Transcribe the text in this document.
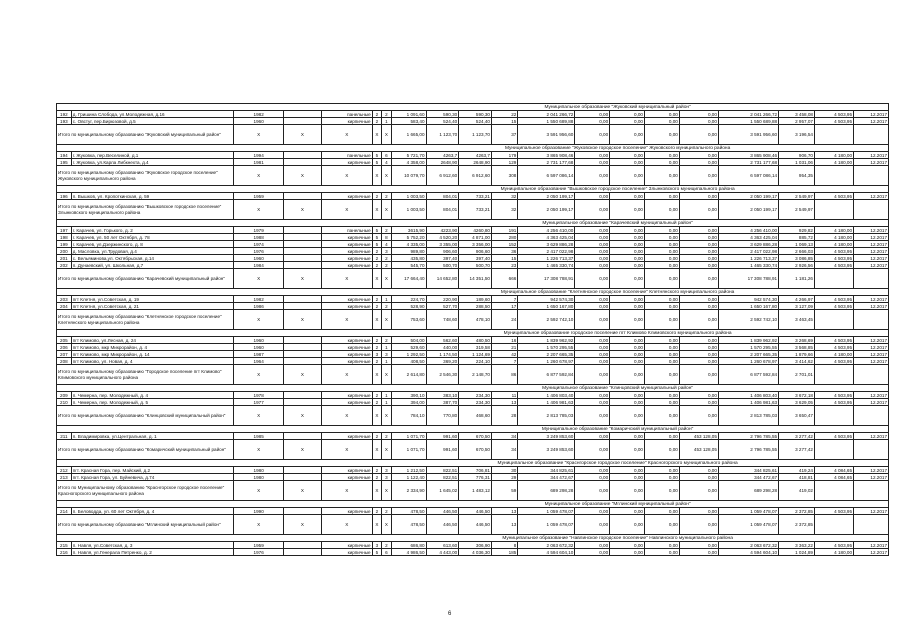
						Муниципальное образование "Жуковский муниципальный район"													
192	д. Гришина Слобода, ул.Молодежная, д.16	1982		панельные	2	2	1 091,60	590,30	590,30	22	2 041 266,72	0,00	0,00	0,00	0,00	2 041 266,72	3 458,08	4 503,95	12.2017
193	с. Овстуг, пер.Бирюзовой, д.5	1960		кирпичные	2	1	583,40	524,40	524,40	15	1 550 689,88	0,00	0,00	0,00	0,00	1 550 689,88	2 957,07	4 503,95	12.2017
Итого по муниципальному образованию "Жуковский муниципальный район"		X	X	X	X	X	1 665,00	1 123,70	1 123,70	37	3 591 956,60	0,00	0,00	0,00	0,00	3 591 956,60	3 196,54		
						Муниципальное образование "Жуковское городское поселение" Жуковского муниципального района													
194	г. Жуковка, пер.Веселиной, д.1	1994		панельные	5	6	5 721,70	4263,7	4263,7	179	3 865 908,46	0,00	0,00	0,00	0,00	3 865 908,46	906,70	4 180,00	12.2017
195	г. Жуковка, ул.Карла Либкнехта, д.4	1981		кирпичные	5	4	4 358,00	2648,90	2648,90	129	2 731 177,68	0,00	0,00	0,00	0,00	2 731 177,68	1 031,06	4 180,00	12.2017
Итого по муниципальному образованию "Жуковское городское поселение" Жуковского муниципального района		X	X	X	X	X	10 079,70	6 912,60	6 912,60	308	6 597 086,14	0,00	0,00	0,00	0,00	6 597 086,14	954,35		
						Муниципальное образование "Вышковское городское поселение" Злынковского муниципального района													
196	п. Вышков, ул. Кропоткинская, д. 59	1959		кирпичные	2	2	1 003,50	804,01	733,21	32	2 050 199,17	0,00	0,00	0,00	0,00	2 050 199,17	2 549,97	4 503,95	12.2017
Итого по муниципальному образованию "Вышковское городское поселение" Злынковского муниципального района		X	X	X	X	X	1 003,50	804,01	733,21	32	2 050 199,17	0,00	0,00	0,00	0,00	2 050 199,17	2 549,97		
						Муниципальное образование "Карачевский муниципальный район"													
197	г. Карачев, ул. Горького, д. 2	1979		панельные	5	2	3615,90	4223,90	4260,80	191	4 256 410,00	0,00	0,00	0,00	0,00	4 256 410,00	929,82	4 180,00	12.2017
198	г. Карачев, ул. 50 лет Октября, д. 78	1988		кирпичные	5	8	5 752,20	4 520,20	4 871,00	280	4 363 425,04	0,00	0,00	0,00	0,00	4 363 425,04	885,72	4 180,00	12.2017
199	г. Карачев, ул.Дзержинского, д. 8	1974		кирпичные	5	4	4 335,00	3 355,00	3 356,00	152	3 629 886,28	0,00	0,00	0,00	0,00	3 629 886,28	1 069,13	4 180,00	12.2017
200	д. Масловка, ул.Трудовая, д.4	1976		кирпичные	2	3	989,80	906,60	906,60	36	2 417 022,98	0,00	0,00	0,00	0,00	2 417 022,98	2 666,03	4 503,95	12.2017
201	с. Вельяминова,ул. Октябрьская, д.14	1960		кирпичные	2	2	435,80	397,40	397,40	15	1 226 713,37	0,00	0,00	0,00	0,00	1 226 713,37	3 086,85	4 503,95	12.2017
202	п. Дунаевский, ул. Школьная, д.7	1984		кирпичные	2	2	545,70	500,70	500,70	23	1 465 330,74	0,00	0,00	0,00	0,00	1 465 330,74	2 926,56	4 503,95	12.2017
Итого по муниципальному образованию "Карачевский муниципальный район"		X	X	X	X	X	17 664,40	14 652,80	14 351,50	666	17 308 788,91	0,00	0,00	0,00	0,00	17 308 788,91	1 181,26		
						Муниципальное образование "Клетнянское городское поселение" Клетнянского муниципального района													
203	пгт Клетня, ул.Советская, д. 19	1982		кирпичные	2	1	224,70	220,90	189,60	7	942 574,30	0,00	0,00	0,00	0,00	942 574,30	4 266,97	4 503,95	12.2017
204	пгт Клетня, ул.Советская, д. 21	1986		кирпичные	2	2	528,90	527,70	288,50	17	1 650 167,80	0,00	0,00	0,00	0,00	1 650 167,80	3 127,09	4 503,95	12.2017
Итого по муниципальному образованию "Клетнянское городское поселение" Клетнянского муниципального района		X	X	X	X	X	753,60	748,60	478,10	24	2 592 742,10	0,00	0,00	0,00	0,00	2 592 742,10	3 463,45		
						Муниципальное образование городское поселение пгт Климово Климовского муниципального района													
205	пгт Климово, ул.Лесная, д. 24	1960		кирпичные	2	2	504,00	562,60	480,50	16	1 839 962,92	0,00	0,00	0,00	0,00	1 839 962,92	3 268,69	4 503,95	12.2017
206	пгт Климово, мкр Микрорайон, д. 4	1960		кирпичные	2	1	529,60	440,00	319,58	21	1 570 295,55	0,00	0,00	0,00	0,00	1 570 295,55	3 568,85	4 503,95	12.2017
207	пгт Климово, мкр Микрорайон, д. 14	1987		кирпичные	3	3	1 292,50	1 174,50	1 124,69	42	2 207 665,35	0,00	0,00	0,00	0,00	2 207 665,35	1 879,66	4 180,00	12.2017
208	пгт Климово, ул. Новая, д. 4	1964		кирпичные	2	1	408,50	369,20	224,10	7	1 260 678,97	0,00	0,00	0,00	0,00	1 260 678,97	3 414,62	4 503,95	12.2017
Итого по муниципальному образованию "Городское поселение пгт Климово" Климовского муниципального района		X	X	X	X	X	2 614,80	2 546,30	2 148,70	86	6 877 592,84	0,00	0,00	0,00	0,00	6 877 592,84	2 701,01		
						Муниципальное образование "Клинцовский муниципальный район"													
209	п. Чемерна, пер. Молодежный, д. 4	1978		кирпичные	2	1	390,10	383,10	234,30	11	1 406 803,40	0,00	0,00	0,00	0,00	1 406 803,40	3 672,18	4 503,95	12.2017
210	п. Чемерна, пер. Молодежный, д. 5	1977		кирпичные	2	1	394,00	387,70	234,30	13	1 406 981,63	0,00	0,00	0,00	0,00	1 406 981,63	3 629,05	4 503,95	12.2017
Итого по муниципальному образованию "Клинцовский муниципальный район"		X	X	X	X	X	784,10	770,80	468,60	28	2 813 785,03	0,00	0,00	0,00	0,00	2 813 785,03	3 650,47		
						Муниципальное образование "Комаричский муниципальный район"													
211	п. Владимировка, ул.Центральная, д. 1	1985		кирпичные	2	2	1 071,70	991,60	670,50	34	3 249 853,60	0,00	0,00	0,00	453 128,05	2 796 785,55	3 277,42	4 503,95	12.2017
Итого по муниципальному образованию "Комаричский муниципальный район"		X	X	X	X	X	1 071,70	991,60	670,50	34	3 249 853,60	0,00	0,00	0,00	453 128,05	2 796 785,55	3 277,42		
						Муниципальное образование "Краснгорское городское поселение" Красногорского муниципального района													
212	пгт. Красная Гора, пер. Майский, д.2	1980		кирпичные	2	3	1 212,50	822,51	706,81	30	344 825,61	0,00	0,00	0,00	0,00	344 825,61	419,24	4 084,65	12.2017
213	пгт. Красная Гора, ул. Буйневича, д.74	1980		кирпичные	2	3	1 122,40	822,51	776,31	29	344 472,67	0,00	0,00	0,00	0,00	344 472,67	418,81	4 084,65	12.2017
Итого по Муниципальному образованию "Краснгорское городское поселение" Красногорского муниципального района		X	X	X	X	X	2 334,90	1 645,02	1 483,12	59	689 298,28	0,00	0,00	0,00	0,00	689 298,28	419,02		
						Муниципальное образование "Мглинский муниципальный район"													
214	п. Беловодда, ул. 60 лет Октября, д. 4	1990		кирпичные	2	2	478,50	446,50	446,50	13	1 059 478,07	0,00	0,00	0,00	0,00	1 059 478,07	2 372,85	4 503,95	12.2017
Итого по муниципальному образованию "Мглинский муниципальный район"		X	X	X	X	X	478,50	446,50	446,50	13	1 059 478,07	0,00	0,00	0,00	0,00	1 059 478,07	2 372,85		
						Муниципальное образование "Навлинское городское поселение" Навлинского муниципального района													
215	п. Навля, ул.Советская, д. 3	1959		кирпичные	3	2	686,80	613,60	306,90	8	2 063 672,32	0,00	0,00	0,00	0,00	2 063 672,32	3 363,22	4 503,95	12.2017
216	п. Навля, ул.Генерала Петренко, д. 2	1976		кирпичные	5	6	4 986,50	4 443,00	4 036,30	185	4 594 604,10	0,00	0,00	0,00	0,00	4 594 604,10	1 024,89	4 180,00	12.2017
6
